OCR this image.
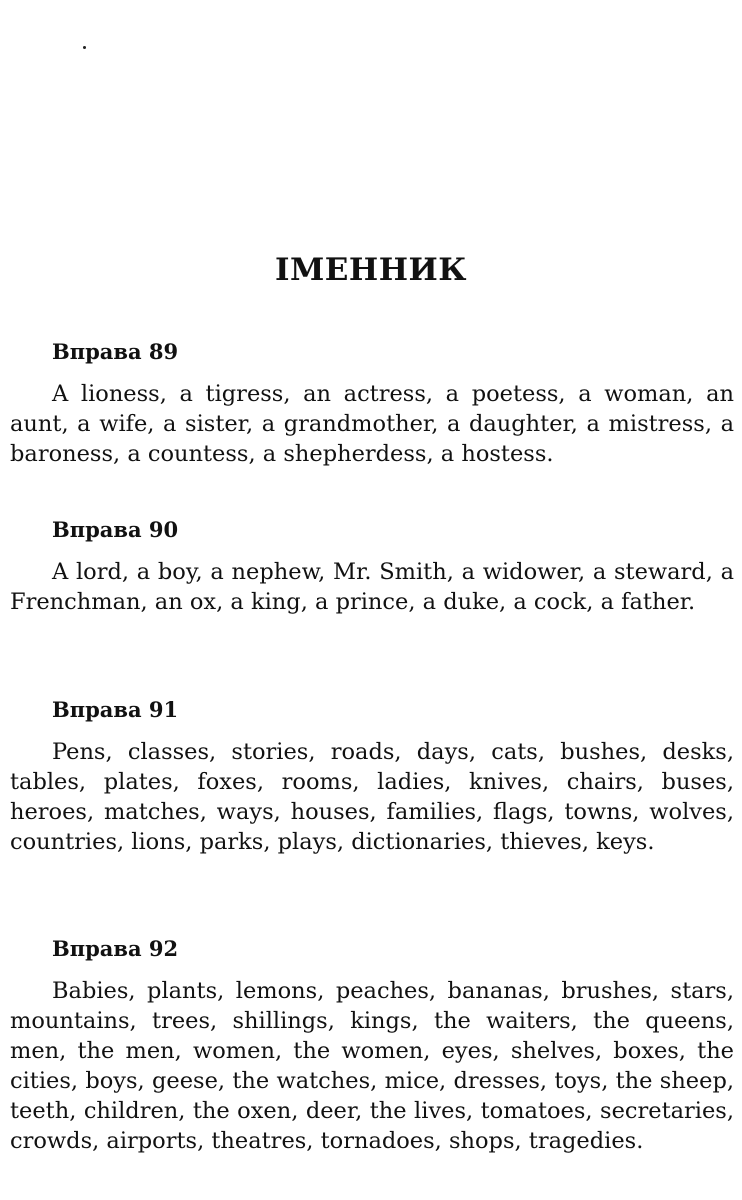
ІМЕННИК
Вправа 89

A lioness, a tigress, an actress, a poetess, a woman, an aunt, a wife, a sister, a grandmother, a daughter, a mistress, a baroness, a countess, a shepherdess, a hostess.

Вправа 90

A lord, a boy, a nephew, Mr. Smith, a widower, a steward, a Frenchman, an ox, a king, a prince, a duke, a cock, a father.

Вправа 91

Pens, classes, stories, roads, days, cats, bushes, desks, tables, plates, foxes, rooms, ladies, knives, chairs, buses, heroes, matches, ways, houses, families, flags, towns, wolves, countries, lions, parks, plays, dictionaries, thieves, keys.

Вправа 92

Babies, plants, lemons, peaches, bananas, brushes, stars, mountains, trees, shillings, kings, the waiters, the queens, men, the men, women, the women, eyes, shelves, boxes, the cities, boys, geese, the watches, mice, dresses, toys, the sheep, teeth, children, the oxen, deer, the lives, tomatoes, secretaries, crowds, airports, theatres, tornadoes, shops, tragedies.
